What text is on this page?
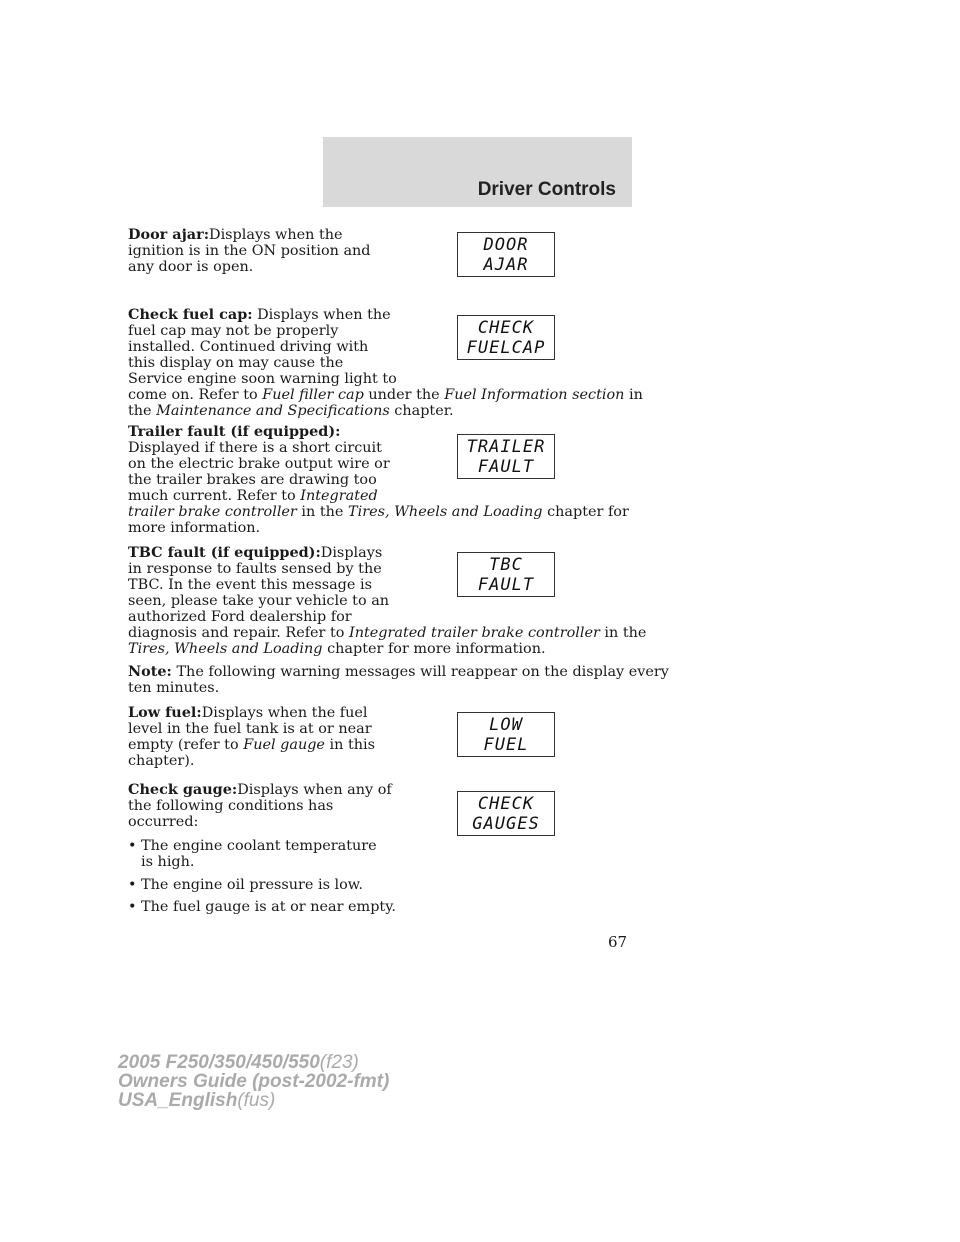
Driver Controls
Door ajar:Displays when the
ignition is in the ON position and
any door is open.
DOOR
AJAR
Check fuel cap: Displays when the
fuel cap may not be properly
installed. Continued driving with
this display on may cause the
Service engine soon warning light to
come on. Refer to Fuel filler cap under the Fuel Information section in
the Maintenance and Specifications chapter.
CHECK
FUELCAP
Trailer fault (if equipped):
Displayed if there is a short circuit
on the electric brake output wire or
the trailer brakes are drawing too
much current. Refer to Integrated
trailer brake controller in the Tires, Wheels and Loading chapter for
more information.
TRAILER
FAULT
TBC fault (if equipped):Displays
in response to faults sensed by the
TBC. In the event this message is
seen, please take your vehicle to an
authorized Ford dealership for
diagnosis and repair. Refer to Integrated trailer brake controller in the
Tires, Wheels and Loading chapter for more information.
TBC
FAULT
Note: The following warning messages will reappear on the display every
ten minutes.
Low fuel:Displays when the fuel
level in the fuel tank is at or near
empty (refer to Fuel gauge in this
chapter).
LOW
FUEL
Check gauge:Displays when any of
the following conditions has
occurred:
CHECK
GAUGES
• The engine coolant temperature
is high.
• The engine oil pressure is low.
• The fuel gauge is at or near empty.
67
2005 F250/350/450/550(f23)
Owners Guide (post-2002-fmt)
USA_English(fus)
